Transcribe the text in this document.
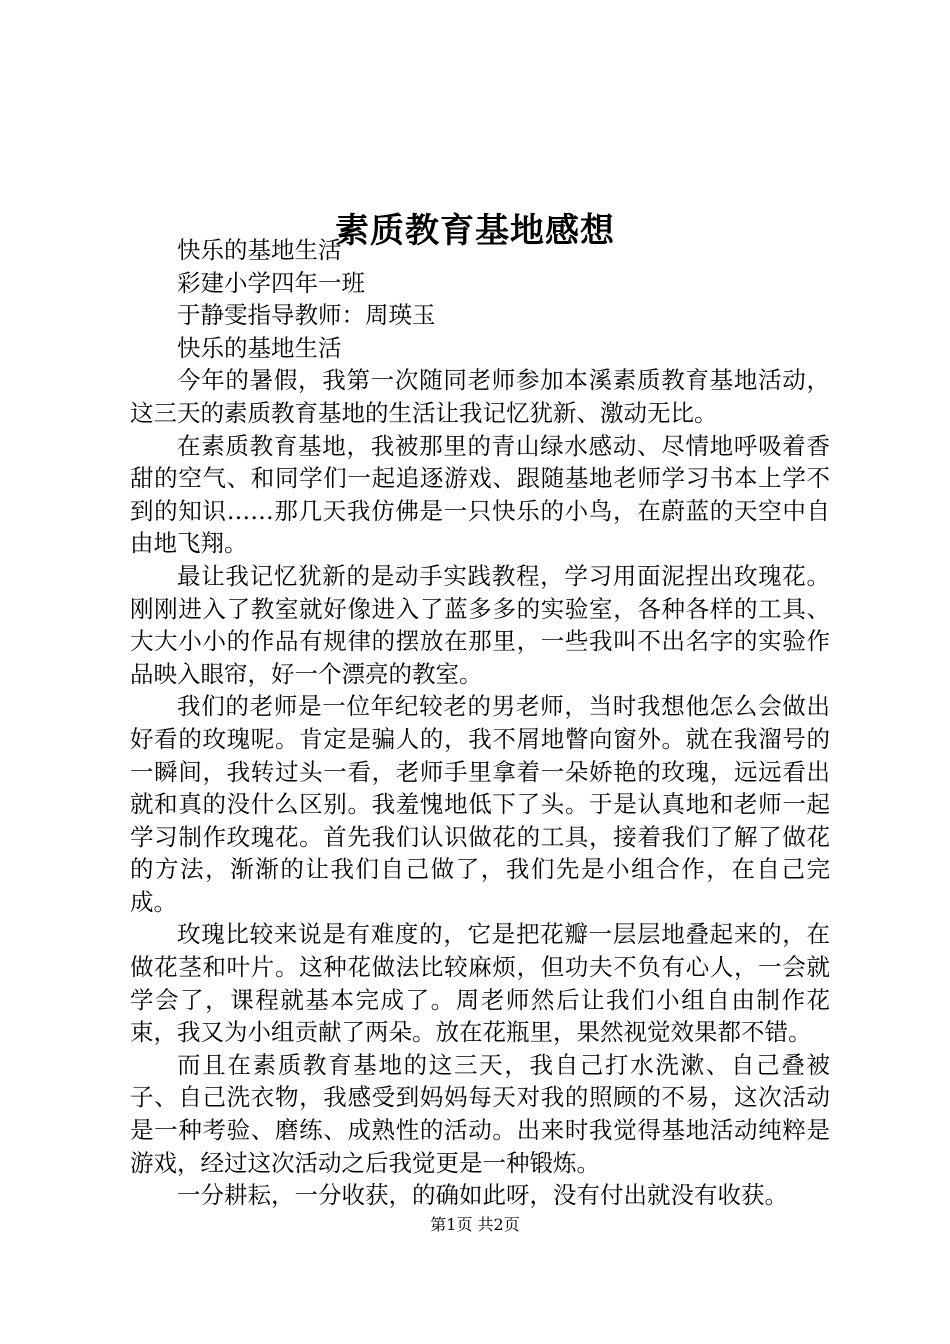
素质教育基地感想

快乐的基地生活

彩建小学四年一班

于静雯指导教师：周瑛玉

快乐的基地生活

今年的暑假，我第一次随同老师参加本溪素质教育基地活动，这三天的素质教育基地的生活让我记忆犹新、激动无比。

在素质教育基地，我被那里的青山绿水感动、尽情地呼吸着香甜的空气、和同学们一起追逐游戏、跟随基地老师学习书本上学不到的知识……那几天我仿佛是一只快乐的小鸟，在蔚蓝的天空中自由地飞翔。

最让我记忆犹新的是动手实践教程，学习用面泥捏出玫瑰花。刚刚进入了教室就好像进入了蓝多多的实验室，各种各样的工具、大大小小的作品有规律的摆放在那里，一些我叫不出名字的实验作品映入眼帘，好一个漂亮的教室。

我们的老师是一位年纪较老的男老师，当时我想他怎么会做出好看的玫瑰呢。肯定是骗人的，我不屑地瞥向窗外。就在我溜号的一瞬间，我转过头一看，老师手里拿着一朵娇艳的玫瑰，远远看出就和真的没什么区别。我羞愧地低下了头。于是认真地和老师一起学习制作玫瑰花。首先我们认识做花的工具，接着我们了解了做花的方法，渐渐的让我们自己做了，我们先是小组合作，在自己完成。

玫瑰比较来说是有难度的，它是把花瓣一层层地叠起来的，在做花茎和叶片。这种花做法比较麻烦，但功夫不负有心人，一会就学会了，课程就基本完成了。周老师然后让我们小组自由制作花束，我又为小组贡献了两朵。放在花瓶里，果然视觉效果都不错。

而且在素质教育基地的这三天，我自己打水洗漱、自己叠被子、自己洗衣物，我感受到妈妈每天对我的照顾的不易，这次活动是一种考验、磨练、成熟性的活动。出来时我觉得基地活动纯粹是游戏，经过这次活动之后我觉更是一种锻炼。

一分耕耘，一分收获，的确如此呀，没有付出就没有收获。

第1页 共2页
